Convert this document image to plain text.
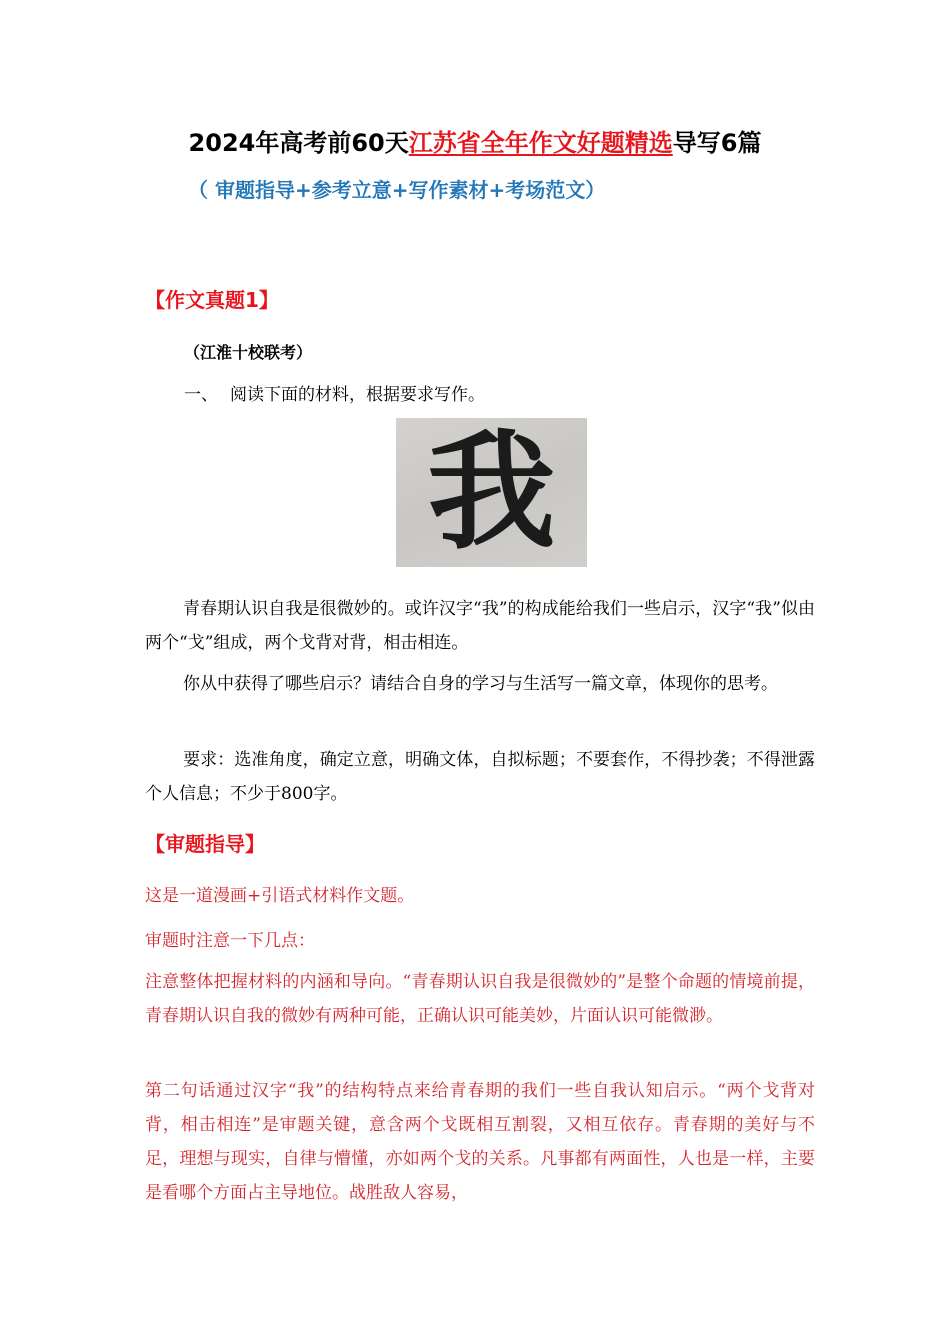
2024年高考前60天江苏省全年作文好题精选导写6篇
（ 审题指导+参考立意+写作素材+考场范文）
【作文真题1】
（江淮十校联考）
一、 阅读下面的材料，根据要求写作。
我
青春期认识自我是很微妙的。或许汉字“我”的构成能给我们一些启示，汉字“我”似由两个“戈”组成，两个戈背对背，相击相连。
你从中获得了哪些启示？请结合自身的学习与生活写一篇文章，体现你的思考。
要求：选准角度，确定立意，明确文体，自拟标题；不要套作，不得抄袭；不得泄露个人信息；不少于800字。
【审题指导】
这是一道漫画+引语式材料作文题。
审题时注意一下几点：
注意整体把握材料的内涵和导向。“青春期认识自我是很微妙的”是整个命题的情境前提，青春期认识自我的微妙有两种可能，正确认识可能美妙，片面认识可能微渺。
第二句话通过汉字“我”的结构特点来给青春期的我们一些自我认知启示。“两个戈背对背，相击相连”是审题关键，意含两个戈既相互割裂，又相互依存。青春期的美好与不足，理想与现实，自律与懵懂，亦如两个戈的关系。凡事都有两面性，人也是一样，主要是看哪个方面占主导地位。战胜敌人容易，
